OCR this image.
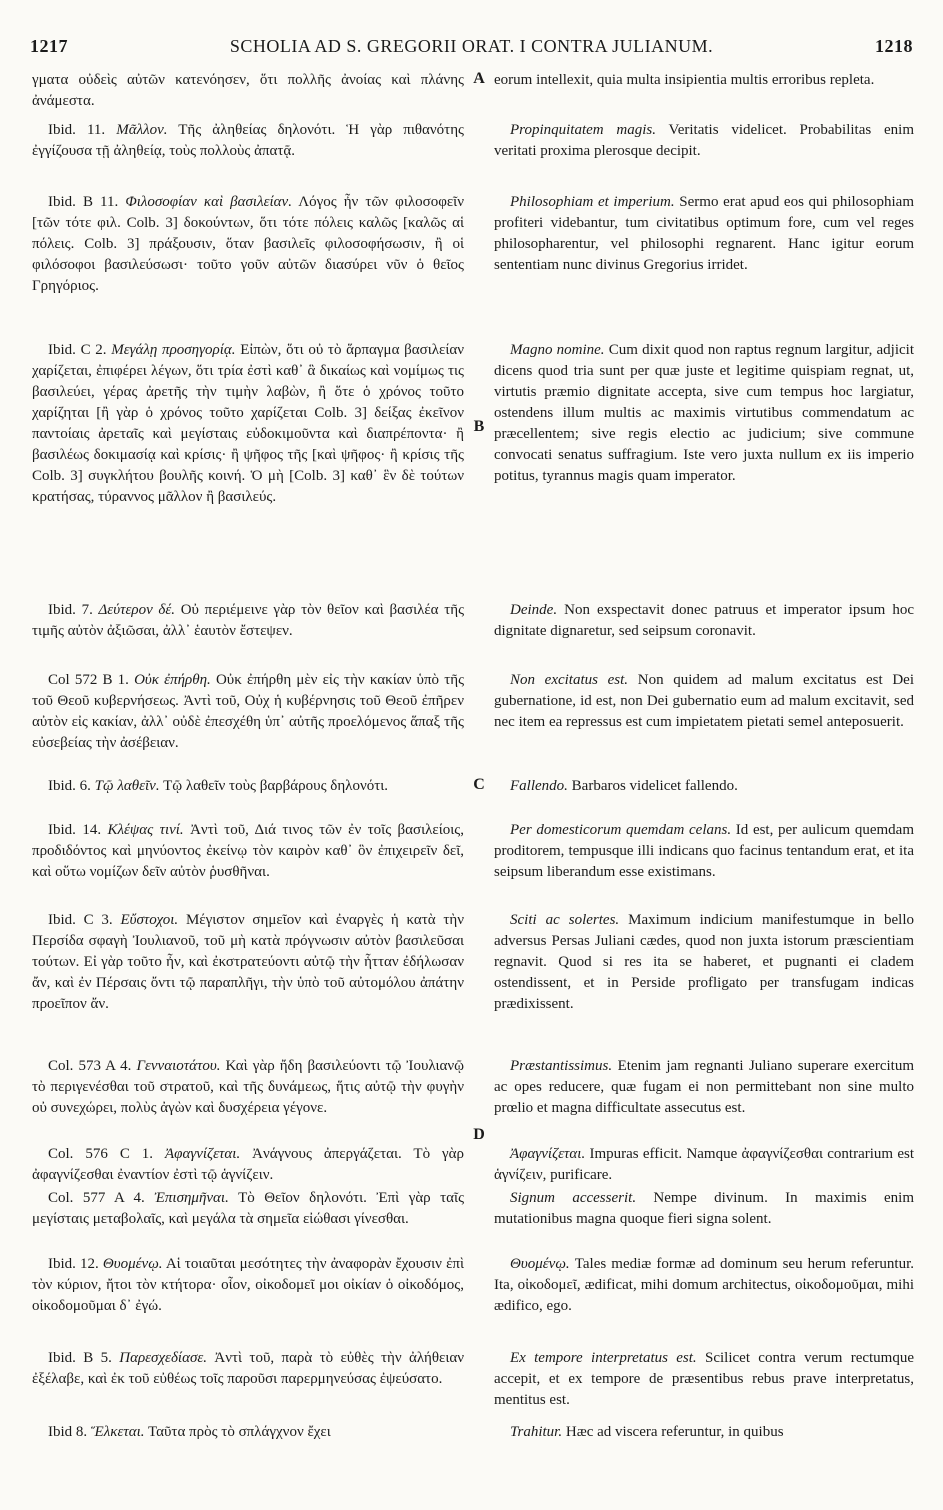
1217	SCHOLIA AD S. GREGORII ORAT. I CONTRA JULIANUM.	1218

γματα οὐδεὶς αὐτῶν κατενόησεν, ὅτι πολλῆς ἀνοίας καὶ πλάνης ἀνάμεστα.

Ibid. 11. Μᾶλλον. Τῆς ἀληθείας δηλονότι. Ἡ γὰρ πιθανότης ἐγγίζουσα τῇ ἀληθείᾳ, τοὺς πολλοὺς ἀπατᾷ.

Ibid. B 11. Φιλοσοφίαν καὶ βασιλείαν. Λόγος ἦν τῶν φιλοσοφεῖν [τῶν τότε φιλ. Colb. 3] δοκούντων, ὅτι τότε πόλεις καλῶς [καλῶς αἱ πόλεις. Colb. 3] πράξουσιν, ὅταν βασιλεῖς φιλοσοφήσωσιν, ἢ οἱ φιλόσοφοι βασιλεύσωσι· τοῦτο γοῦν αὐτῶν διασύρει νῦν ὁ θεῖος Γρηγόριος.

Ibid. C 2. Μεγάλῃ προσηγορίᾳ. Εἰπὼν, ὅτι οὐ τὸ ἅρπαγμα βασιλείαν χαρίζεται, ἐπιφέρει λέγων, ὅτι τρία ἐστὶ καθ᾽ ἃ δικαίως καὶ νομίμως τις βασιλεύει, γέρας ἀρετῆς τὴν τιμὴν λαβὼν, ἢ ὅτε ὁ χρόνος τοῦτο χαρίζηται [ἢ γὰρ ὁ χρόνος τοῦτο χαρίζεται Colb. 3] δείξας ἐκεῖνον παντοίαις ἀρεταῖς καὶ μεγίσταις εὐδοκιμοῦντα καὶ διαπρέποντα· ἢ βασιλέως δοκιμασίᾳ καὶ κρίσις· ἢ ψῆφος τῆς [καὶ ψῆφος· ἢ κρίσις τῆς Colb. 3] συγκλήτου βουλῆς κοινή. Ὁ μὴ [Colb. 3] καθ᾽ ἓν δὲ τούτων κρατήσας, τύραννος μᾶλλον ἢ βασιλεύς.

Ibid. 7. Δεύτερον δέ. Οὐ περιέμεινε γὰρ τὸν θεῖον καὶ βασιλέα τῆς τιμῆς αὐτὸν ἀξιῶσαι, ἀλλ᾽ ἑαυτὸν ἔστεψεν.

Col 572 B 1. Οὐκ ἐπήρθη. Οὐκ ἐπήρθη μὲν εἰς τὴν κακίαν ὑπὸ τῆς τοῦ Θεοῦ κυβερνήσεως. Ἀντὶ τοῦ, Οὐχ ἡ κυβέρνησις τοῦ Θεοῦ ἐπῆρεν αὐτὸν εἰς κακίαν, ἀλλ᾽ οὐδὲ ἐπεσχέθη ὑπ᾽ αὐτῆς προελόμενος ἅπαξ τῆς εὐσεβείας τὴν ἀσέβειαν.

Ibid. 6. Τῷ λαθεῖν. Τῷ λαθεῖν τοὺς βαρβάρους δηλονότι.

Ibid. 14. Κλέψας τινί. Ἀντὶ τοῦ, Διά τινος τῶν ἐν τοῖς βασιλείοις, προδιδόντος καὶ μηνύοντος ἐκείνῳ τὸν καιρὸν καθ᾽ ὃν ἐπιχειρεῖν δεῖ, καὶ οὕτω νομίζων δεῖν αὐτὸν ῥυσθῆναι.

Ibid. C 3. Εὔστοχοι. Μέγιστον σημεῖον καὶ ἐναργὲς ἡ κατὰ τὴν Περσίδα σφαγὴ Ἰουλιανοῦ, τοῦ μὴ κατὰ πρόγνωσιν αὐτὸν βασιλεῦσαι τούτων. Εἰ γὰρ τοῦτο ἦν, καὶ ἐκστρατεύοντι αὐτῷ τὴν ἧτταν ἐδήλωσαν ἄν, καὶ ἐν Πέρσαις ὄντι τῷ παραπλῆγι, τὴν ὑπὸ τοῦ αὐτομόλου ἀπάτην προεῖπον ἄν.

Col. 573 A 4. Γενναιοτάτου. Καὶ γὰρ ἤδη βασιλεύοντι τῷ Ἰουλιανῷ τὸ περιγενέσθαι τοῦ στρατοῦ, καὶ τῆς δυνάμεως, ἥτις αὐτῷ τὴν φυγὴν οὐ συνεχώρει, πολὺς ἀγὼν καὶ δυσχέρεια γέγονε.

Col. 576 C 1. Ἀφαγνίζεται. Ἀνάγνους ἀπεργάζεται. Τὸ γὰρ ἀφαγνίζεσθαι ἐναντίον ἐστὶ τῷ ἁγνίζειν.

Col. 577 A 4. Ἐπισημῆναι. Τὸ Θεῖον δηλονότι. Ἐπὶ γὰρ ταῖς μεγίσταις μεταβολαῖς, καὶ μεγάλα τὰ σημεῖα εἰώθασι γίνεσθαι.

Ibid. 12. Θυομένῳ. Αἱ τοιαῦται μεσότητες τὴν ἀναφορὰν ἔχουσιν ἐπὶ τὸν κύριον, ἤτοι τὸν κτήτορα· οἷον, οἰκοδομεῖ μοι οἰκίαν ὁ οἰκοδόμος, οἰκοδομοῦμαι δ᾽ ἐγώ.

Ibid. B 5. Παρεσχεδίασε. Ἀντὶ τοῦ, παρὰ τὸ εὐθὲς τὴν ἀλήθειαν ἐξέλαβε, καὶ ἐκ τοῦ εὐθέως τοῖς παροῦσι παρερμηνεύσας ἐψεύσατο.

Ibid 8. Ἕλκεται. Ταῦτα πρὸς τὸ σπλάγχνον ἔχει

A
B
C
D

eorum intellexit, quia multa insipientia multis erroribus repleta.

Propinquitatem magis. Veritatis videlicet. Probabilitas enim veritati proxima plerosque decipit.

Philosophiam et imperium. Sermo erat apud eos qui philosophiam profiteri videbantur, tum civitatibus optimum fore, cum vel reges philosopharentur, vel philosophi regnarent. Hanc igitur eorum sententiam nunc divinus Gregorius irridet.

Magno nomine. Cum dixit quod non raptus regnum largitur, adjicit dicens quod tria sunt per quæ juste et legitime quispiam regnat, ut, virtutis præmio dignitate accepta, sive cum tempus hoc largiatur, ostendens illum multis ac maximis virtutibus commendatum ac præcellentem; sive regis electio ac judicium; sive commune convocati senatus suffragium. Iste vero juxta nullum ex iis imperio potitus, tyrannus magis quam imperator.

Deinde. Non exspectavit donec patruus et imperator ipsum hoc dignitate dignaretur, sed seipsum coronavit.

Non excitatus est. Non quidem ad malum excitatus est Dei gubernatione, id est, non Dei gubernatio eum ad malum excitavit, sed nec item ea repressus est cum impietatem pietati semel anteposuerit.

Fallendo. Barbaros videlicet fallendo.

Per domesticorum quemdam celans. Id est, per aulicum quemdam proditorem, tempusque illi indicans quo facinus tentandum erat, et ita seipsum liberandum esse existimans.

Sciti ac solertes. Maximum indicium manifestumque in bello adversus Persas Juliani cædes, quod non juxta istorum præscientiam regnavit. Quod si res ita se haberet, et pugnanti ei cladem ostendissent, et in Perside profligato per transfugam indicas prædixissent.

Præstantissimus. Etenim jam regnanti Juliano superare exercitum ac opes reducere, quæ fugam ei non permittebant non sine multo prœlio et magna difficultate assecutus est.

Ἀφαγνίζεται. Impuras efficit. Namque ἀφαγνίζεσθαι contrarium est ἁγνίζειν, purificare.

Signum accesserit. Nempe divinum. In maximis enim mutationibus magna quoque fieri signa solent.

Θυομένῳ. Tales mediæ formæ ad dominum seu herum referuntur. Ita, οἰκοδομεῖ, ædificat, mihi domum architectus, οἰκοδομοῦμαι, mihi ædifico, ego.

Ex tempore interpretatus est. Scilicet contra verum rectumque accepit, et ex tempore de præsentibus rebus prave interpretatus, mentitus est.

Trahitur. Hæc ad viscera referuntur, in quibus
